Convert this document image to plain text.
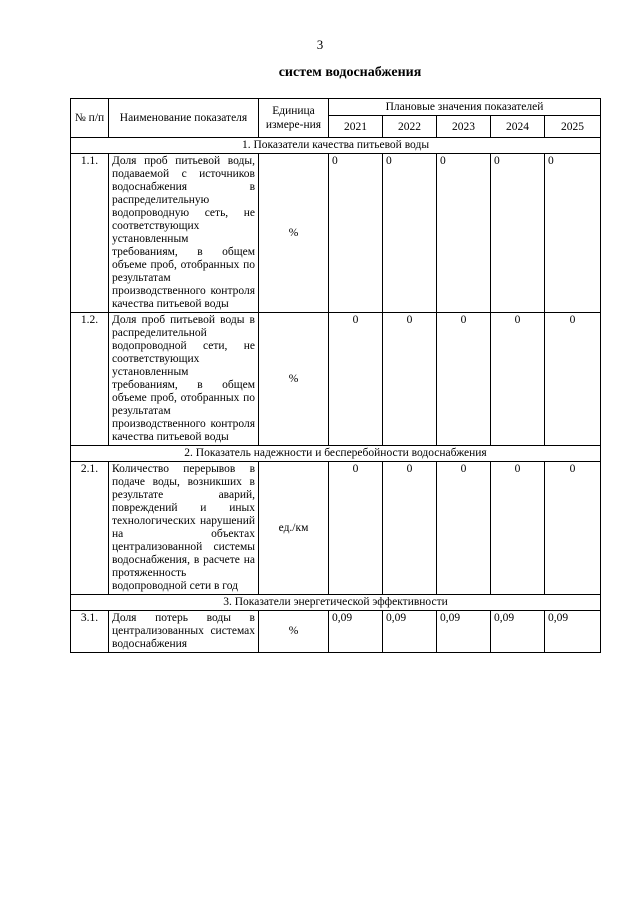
3
систем водоснабжения
№ п/п	Наименование показателя	Единица измере-ния	Плановые значения показателей				
			2021	2022	2023	2024	2025
1. Показатели качества питьевой воды							
1.1.	Доля проб питьевой воды, подаваемой с источников водоснабжения в распределительную водопроводную сеть, не соответствующих установленным требованиям, в общем объеме проб, отобранных по результатам производственного контроля качества питьевой воды	%	0	0	0	0	0
1.2.	Доля проб питьевой воды в распределительной водопроводной сети, не соответствующих установленным требованиям, в общем объеме проб, отобранных по результатам производственного контроля качества питьевой воды	%	0	0	0	0	0
2. Показатель надежности и бесперебойности водоснабжения							
2.1.	Количество перерывов в подаче воды, возникших в результате аварий, повреждений и иных технологических нарушений на объектах централизованной системы водоснабжения, в расчете на протяженность водопроводной сети в год	ед./км	0	0	0	0	0
3. Показатели энергетической эффективности							
3.1.	Доля потерь воды в централизованных системах водоснабжения	%	0,09	0,09	0,09	0,09	0,09
